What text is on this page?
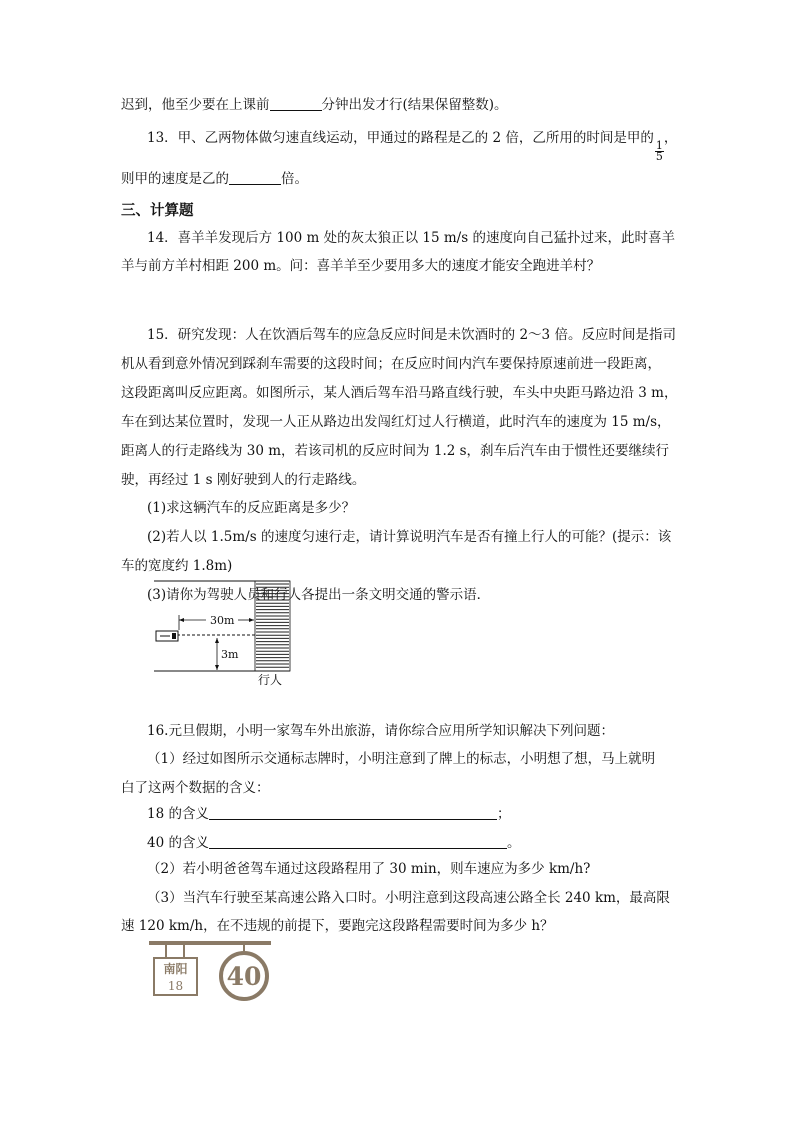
迟到，他至少要在上课前	分钟出发才行(结果保留整数)。
13．甲、乙两物体做匀速直线运动，甲通过的路程是乙的 2 倍，乙所用的时间是甲的
$\frac{1}{5}$
，
则甲的速度是乙的	倍。
三、计算题
14．喜羊羊发现后方 100 m 处的灰太狼正以 15 m/s 的速度向自己猛扑过来，此时喜羊
羊与前方羊村相距 200 m。问：喜羊羊至少要用多大的速度才能安全跑进羊村？
15．研究发现：人在饮酒后驾车的应急反应时间是未饮酒时的 2～3 倍。反应时间是指司
机从看到意外情况到踩刹车需要的这段时间；在反应时间内汽车要保持原速前进一段距离，
这段距离叫反应距离。如图所示，某人酒后驾车沿马路直线行驶，车头中央距马路边沿 3 m，
车在到达某位置时，发现一人正从路边出发闯红灯过人行横道，此时汽车的速度为 15 m/s，
距离人的行走路线为 30 m，若该司机的反应时间为 1.2 s，刹车后汽车由于惯性还要继续行
驶，再经过 1 s 刚好驶到人的行走路线。
(1)求这辆汽车的反应距离是多少？
(2)若人以 1.5m/s 的速度匀速行走，请计算说明汽车是否有撞上行人的可能？(提示：该
车的宽度约 1.8m)
(3)请你为驾驶人员和行人各提出一条文明交通的警示语．
30m
3m
行人
16.元旦假期，小明一家驾车外出旅游，请你综合应用所学知识解决下列问题：
（1）经过如图所示交通标志牌时，小明注意到了牌上的标志，小明想了想，马上就明
白了这两个数据的含义：
18 的含义	；
40 的含义	。
（2）若小明爸爸驾车通过这段路程用了 30 min，则车速应为多少 km/h?
（3）当汽车行驶至某高速公路入口时。小明注意到这段高速公路全长 240 km，最高限
速 120 km/h，在不违规的前提下，要跑完这段路程需要时间为多少 h？
南阳
18 40
